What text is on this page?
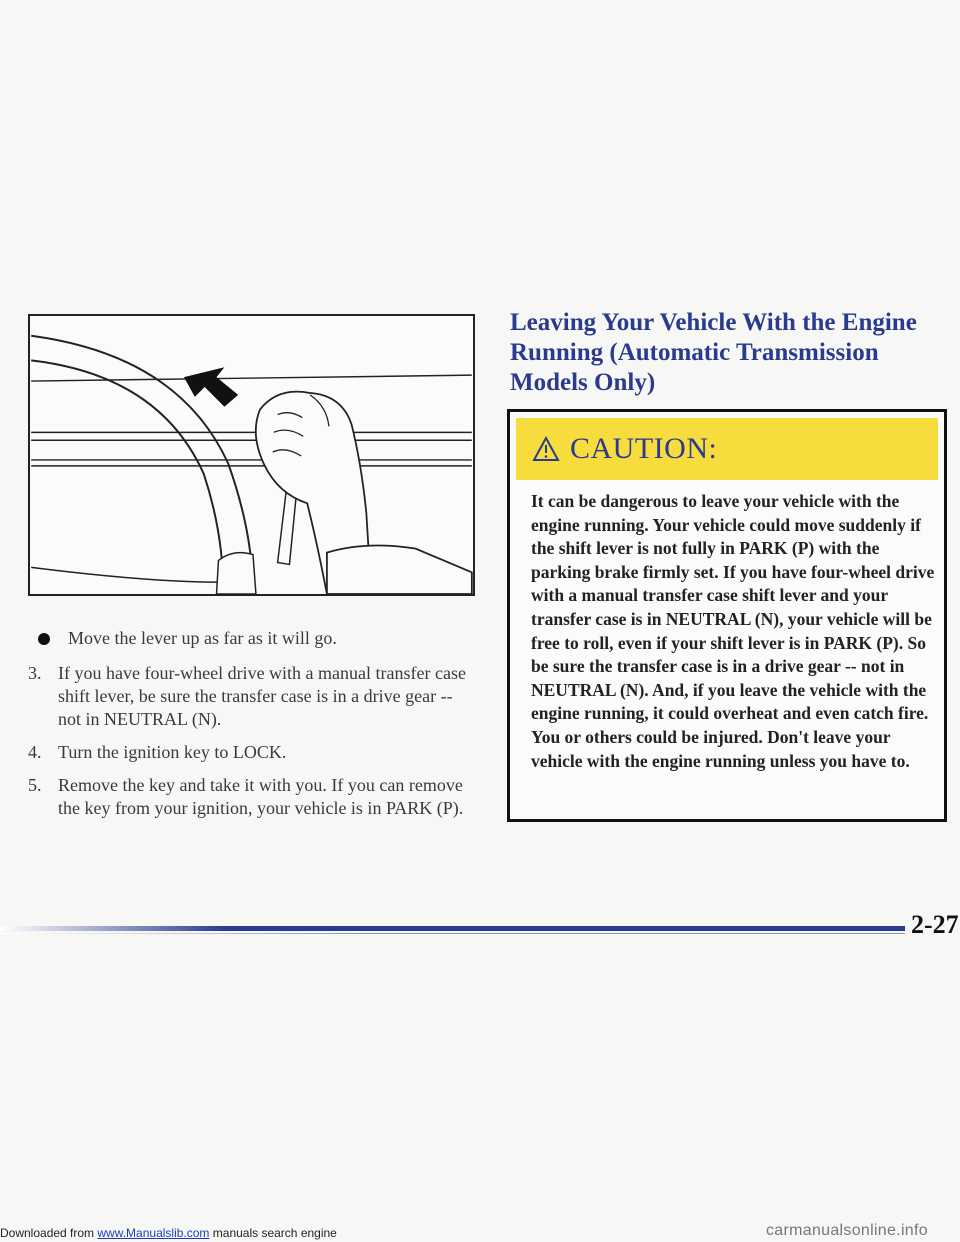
Move the lever up as far as it will go.
3. If you have four-wheel drive with a manual transfer case shift lever, be sure the transfer case is in a drive gear -- not in NEUTRAL (N).
4. Turn the ignition key to LOCK.
5. Remove the key and take it with you. If you can remove the key from your ignition, your vehicle is in PARK (P).
Leaving Your Vehicle With the Engine Running (Automatic Transmission Models Only)
CAUTION:
It can be dangerous to leave your vehicle with the engine running. Your vehicle could move suddenly if the shift lever is not fully in PARK (P) with the parking brake firmly set. If you have four-wheel drive with a manual transfer case shift lever and your transfer case is in NEUTRAL (N), your vehicle will be free to roll, even if your shift lever is in PARK (P). So be sure the transfer case is in a drive gear -- not in NEUTRAL (N). And, if you leave the vehicle with the engine running, it could overheat and even catch fire. You or others could be injured. Don't leave your vehicle with the engine running unless you have to.
2-27
Downloaded from www.Manualslib.com manuals search engine	carmanualsonline.info
